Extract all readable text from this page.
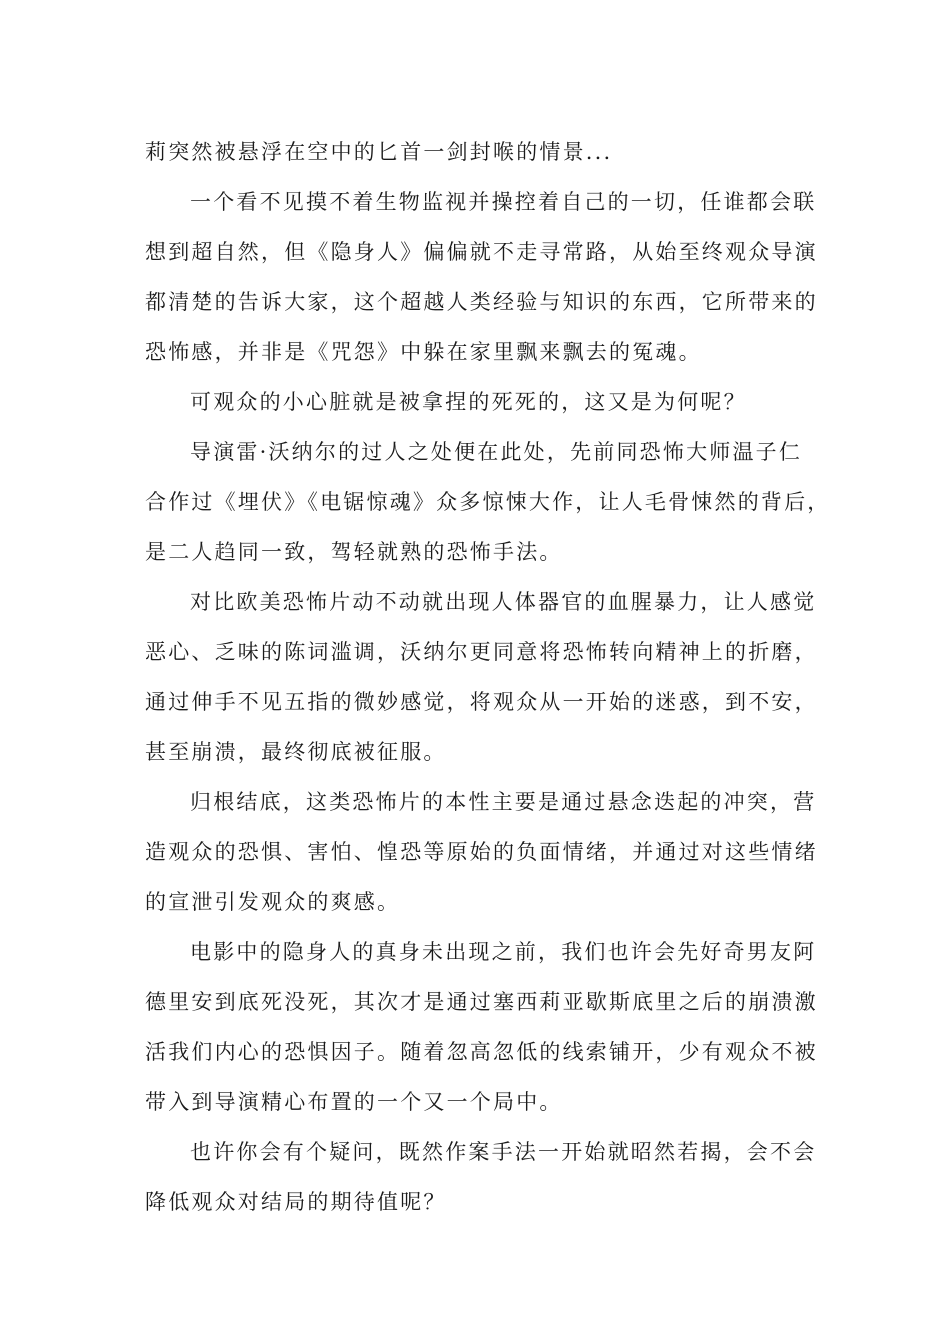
莉突然被悬浮在空中的匕首一剑封喉的情景...
一个看不见摸不着生物监视并操控着自己的一切，任谁都会联
想到超自然，但《隐身人》偏偏就不走寻常路，从始至终观众导演
都清楚的告诉大家，这个超越人类经验与知识的东西，它所带来的
恐怖感，并非是《咒怨》中躲在家里飘来飘去的冤魂。
可观众的小心脏就是被拿捏的死死的，这又是为何呢？
导演雷·沃纳尔的过人之处便在此处，先前同恐怖大师温子仁
合作过《埋伏》《电锯惊魂》众多惊悚大作，让人毛骨悚然的背后，
是二人趋同一致，驾轻就熟的恐怖手法。
对比欧美恐怖片动不动就出现人体器官的血腥暴力，让人感觉
恶心、乏味的陈词滥调，沃纳尔更同意将恐怖转向精神上的折磨，
通过伸手不见五指的微妙感觉，将观众从一开始的迷惑，到不安，
甚至崩溃，最终彻底被征服。
归根结底，这类恐怖片的本性主要是通过悬念迭起的冲突，营
造观众的恐惧、害怕、惶恐等原始的负面情绪，并通过对这些情绪
的宣泄引发观众的爽感。
电影中的隐身人的真身未出现之前，我们也许会先好奇男友阿
德里安到底死没死，其次才是通过塞西莉亚歇斯底里之后的崩溃激
活我们内心的恐惧因子。随着忽高忽低的线索铺开，少有观众不被
带入到导演精心布置的一个又一个局中。
也许你会有个疑问，既然作案手法一开始就昭然若揭，会不会
降低观众对结局的期待值呢？
